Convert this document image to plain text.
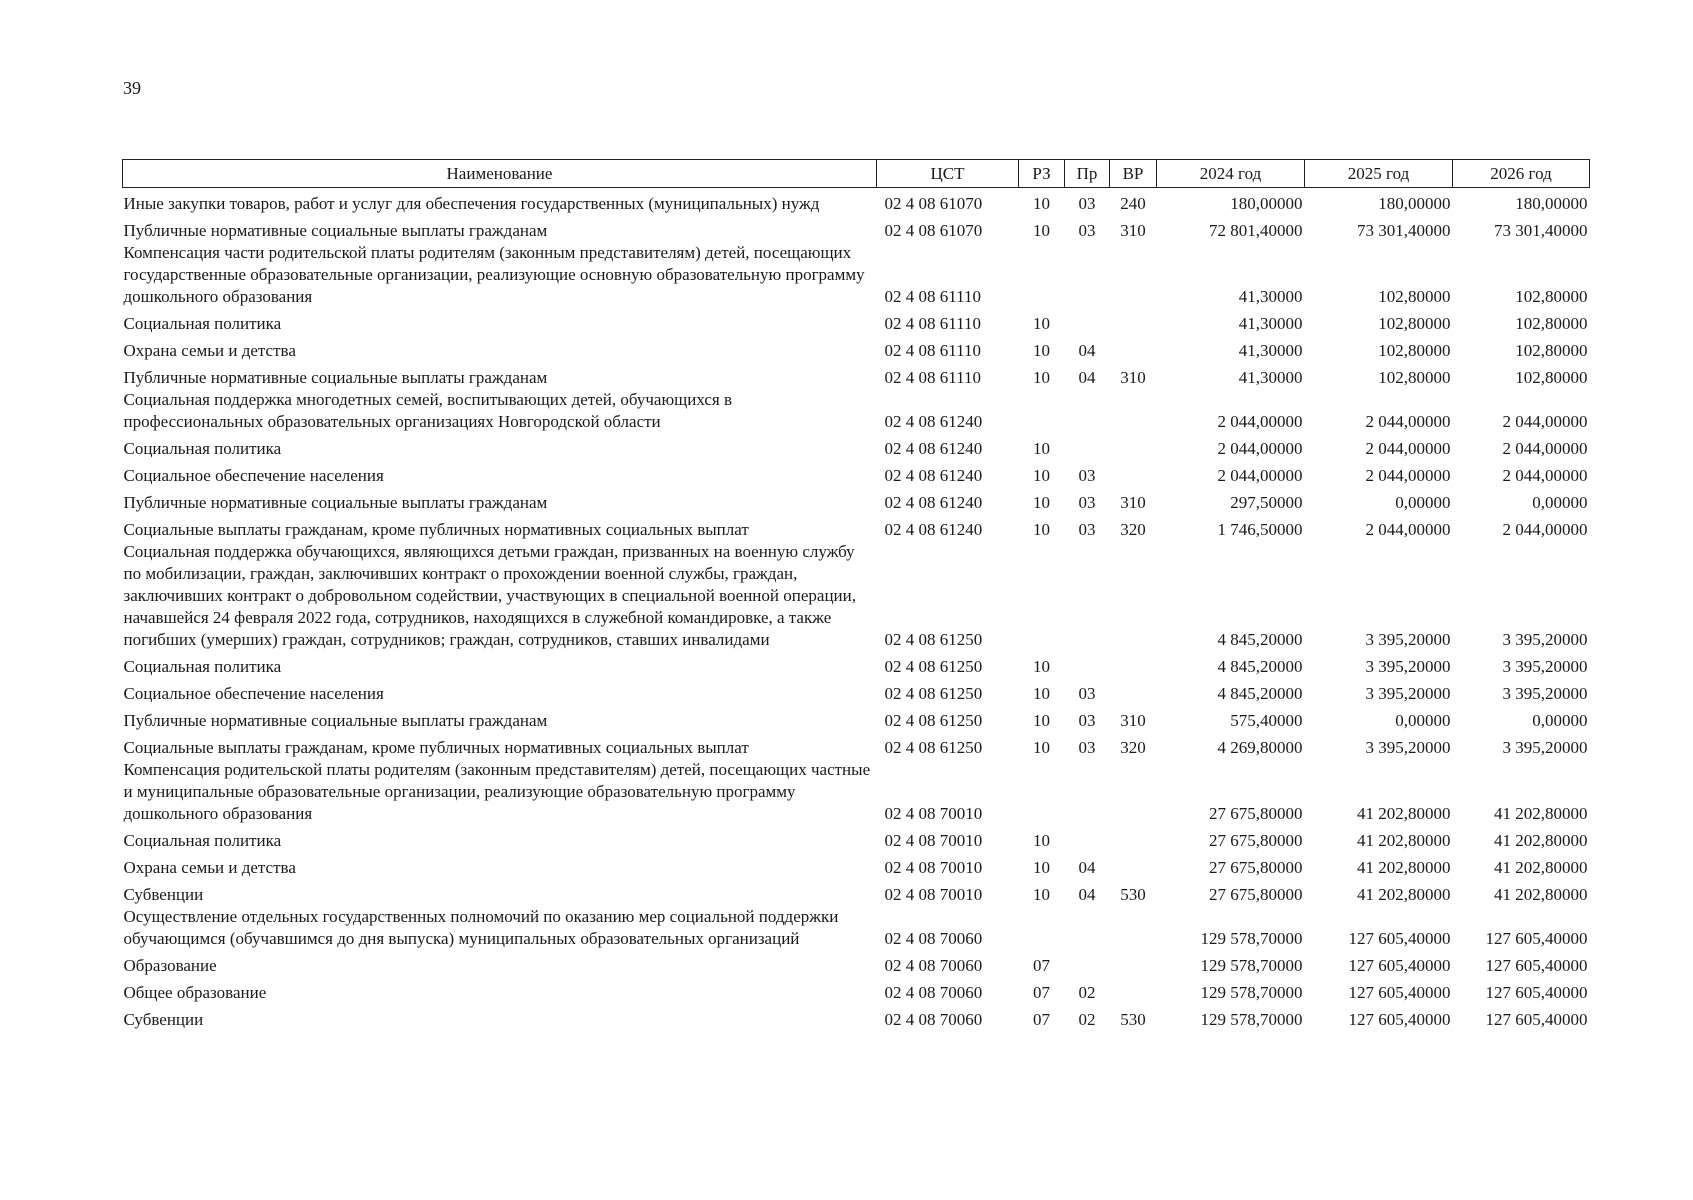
39
Наименование	ЦСТ	РЗ	Пр	ВР	2024 год	2025 год	2026 год
Иные закупки товаров, работ и услуг для обеспечения государственных (муниципальных) нужд	02 4 08 61070	10	03	240	180,00000	180,00000	180,00000
Публичные нормативные социальные выплаты гражданам	02 4 08 61070	10	03	310	72 801,40000	73 301,40000	73 301,40000
Компенсация части родительской платы родителям (законным представителям) детей, посещающих государственные образовательные организации, реализующие основную образовательную программу дошкольного образования	02 4 08 61110				41,30000	102,80000	102,80000
Социальная политика	02 4 08 61110	10			41,30000	102,80000	102,80000
Охрана семьи и детства	02 4 08 61110	10	04		41,30000	102,80000	102,80000
Публичные нормативные социальные выплаты гражданам	02 4 08 61110	10	04	310	41,30000	102,80000	102,80000
Социальная поддержка многодетных семей, воспитывающих детей, обучающихся в профессиональных образовательных организациях Новгородской области	02 4 08 61240				2 044,00000	2 044,00000	2 044,00000
Социальная политика	02 4 08 61240	10			2 044,00000	2 044,00000	2 044,00000
Социальное обеспечение населения	02 4 08 61240	10	03		2 044,00000	2 044,00000	2 044,00000
Публичные нормативные социальные выплаты гражданам	02 4 08 61240	10	03	310	297,50000	0,00000	0,00000
Социальные выплаты гражданам, кроме публичных нормативных социальных выплат	02 4 08 61240	10	03	320	1 746,50000	2 044,00000	2 044,00000
Социальная поддержка обучающихся, являющихся детьми граждан, призванных на военную службу по мобилизации, граждан, заключивших контракт о прохождении военной службы, граждан, заключивших контракт о добровольном содействии, участвующих в специальной военной операции, начавшейся 24 февраля 2022 года, сотрудников, находящихся в служебной командировке, а также погибших (умерших) граждан, сотрудников; граждан, сотрудников, ставших инвалидами	02 4 08 61250				4 845,20000	3 395,20000	3 395,20000
Социальная политика	02 4 08 61250	10			4 845,20000	3 395,20000	3 395,20000
Социальное обеспечение населения	02 4 08 61250	10	03		4 845,20000	3 395,20000	3 395,20000
Публичные нормативные социальные выплаты гражданам	02 4 08 61250	10	03	310	575,40000	0,00000	0,00000
Социальные выплаты гражданам, кроме публичных нормативных социальных выплат	02 4 08 61250	10	03	320	4 269,80000	3 395,20000	3 395,20000
Компенсация родительской платы родителям (законным представителям) детей, посещающих частные и муниципальные образовательные организации, реализующие образовательную программу дошкольного образования	02 4 08 70010				27 675,80000	41 202,80000	41 202,80000
Социальная политика	02 4 08 70010	10			27 675,80000	41 202,80000	41 202,80000
Охрана семьи и детства	02 4 08 70010	10	04		27 675,80000	41 202,80000	41 202,80000
Субвенции	02 4 08 70010	10	04	530	27 675,80000	41 202,80000	41 202,80000
Осуществление отдельных государственных полномочий по оказанию мер социальной поддержки обучающимся (обучавшимся до дня выпуска) муниципальных образовательных организаций	02 4 08 70060				129 578,70000	127 605,40000	127 605,40000
Образование	02 4 08 70060	07			129 578,70000	127 605,40000	127 605,40000
Общее образование	02 4 08 70060	07	02		129 578,70000	127 605,40000	127 605,40000
Субвенции	02 4 08 70060	07	02	530	129 578,70000	127 605,40000	127 605,40000
